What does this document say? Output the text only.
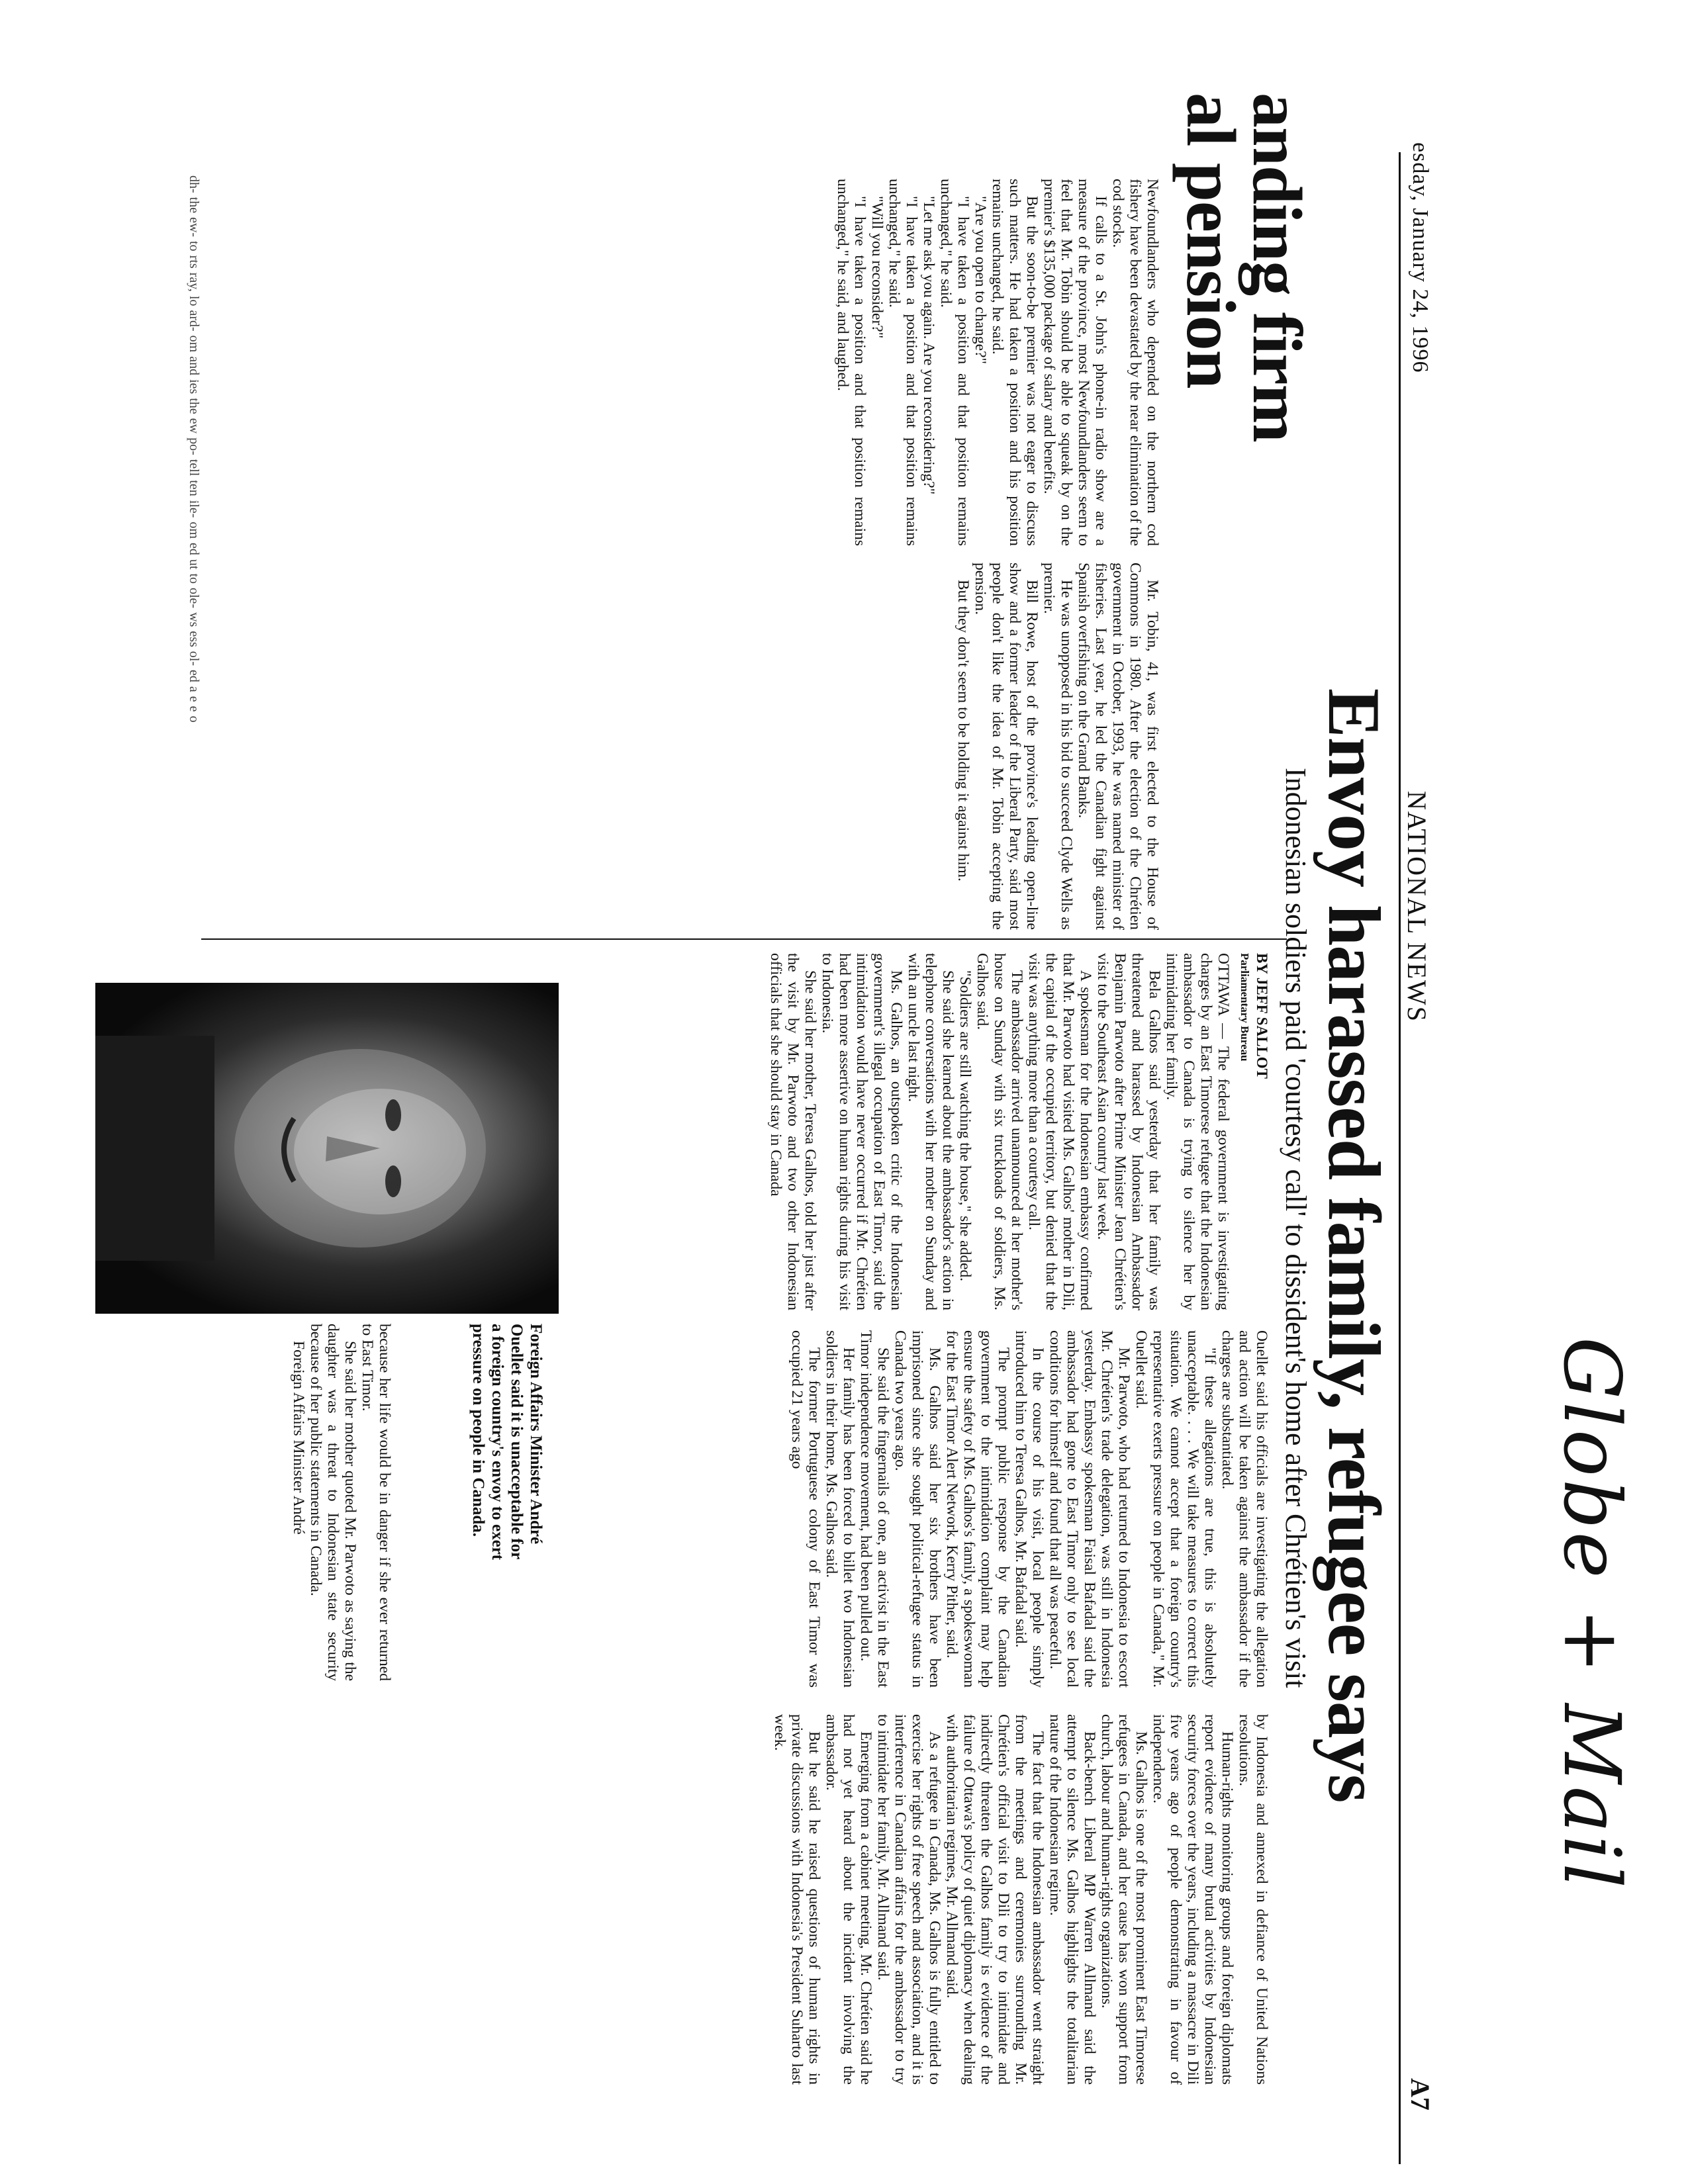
Globe + Mail
esday, January 24, 1996
NATIONAL NEWS
A7
anding firm
al pension

Newfoundlanders who depended on the northern cod fishery have been devastated by the near elimination of the cod stocks.

If calls to a St. John's phone-in radio show are a measure of the province, most Newfoundlanders seem to feel that Mr. Tobin should be able to squeak by on the premier's $135,000 package of salary and benefits.

But the soon-to-be premier was not eager to discuss such matters. He had taken a position and his position remains unchanged, he said.

"Are you open to change?"

"I have taken a position and that position remains unchanged," he said.

"Let me ask you again. Are you reconsidering?"

"I have taken a position and that position remains unchanged," he said.

"Will you reconsider?"

"I have taken a position and that position remains unchanged," he said, and laughed.

Mr. Tobin, 41, was first elected to the House of Commons in 1980. After the election of the Chrétien government in October, 1993, he was named minister of fisheries. Last year, he led the Canadian fight against Spanish overfishing on the Grand Banks.

He was unopposed in his bid to succeed Clyde Wells as premier.

Bill Rowe, host of the province's leading open-line show and a former leader of the Liberal Party, said most people don't like the idea of Mr. Tobin accepting the pension.

But they don't seem to be holding it against him.

dh-
the
ew-
to
rts
ray,
lo
ard-
om
and
ies
the
ew
po-
tell
ten
ile-
om
ed
ut
to
ole-
ws
ess
ol-
ed
a
e
e
o	Envoy harassed family, refugee says
Indonesian soldiers paid 'courtesy call' to dissident's home after Chrétien's visit
BY JEFF SALLOT
Parliamentary Bureau

OTTAWA — The federal government is investigating charges by an East Timorese refugee that the Indonesian ambassador to Canada is trying to silence her by intimidating her family.

Bela Galhos said yesterday that her family was threatened and harassed by Indonesian Ambassador Benjamin Parwoto after Prime Minister Jean Chrétien's visit to the Southeast Asian country last week.

A spokesman for the Indonesian embassy confirmed that Mr. Parwoto had visited Ms. Galhos' mother in Dili, the capital of the occupied territory, but denied that the visit was anything more than a courtesy call.

The ambassador arrived unannounced at her mother's house on Sunday with six truckloads of soldiers, Ms. Galhos said.

"Soldiers are still watching the house," she added.

She said she learned about the ambassador's action in telephone conversations with her mother on Sunday and with an uncle last night.

Ms. Galhos, an outspoken critic of the Indonesian government's illegal occupation of East Timor, said the intimidation would have never occurred if Mr. Chrétien had been more assertive on human rights during his visit to Indonesia.

She said her mother, Teresa Galhos, told her just after the visit by Mr. Parwoto and two other Indonesian officials that she should stay in Canada

Foreign Affairs Minister André Ouellet said it is unacceptable for a foreign country's envoy to exert pressure on people in Canada.

because her life would be in danger if she ever returned to East Timor.

She said her mother quoted Mr. Parwoto as saying the daughter was a threat to Indonesian state security because of her public statements in Canada.

Foreign Affairs Minister André	Ouellet said his officials are investigating the allegation and action will be taken against the ambassador if the charges are substantiated.

"If these allegations are true, this is absolutely unacceptable. . . . We will take measures to correct this situation. We cannot accept that a foreign country's representative exerts pressure on people in Canada," Mr. Ouellet said.

Mr. Parwoto, who had returned to Indonesia to escort Mr. Chrétien's trade delegation, was still in Indonesia yesterday. Embassy spokesman Faisal Bafadal said the ambassador had gone to East Timor only to see local conditions for himself and found that all was peaceful.

In the course of his visit, local people simply introduced him to Teresa Galhos, Mr. Bafadal said.

The prompt public response by the Canadian government to the intimidation complaint may help ensure the safety of Ms. Galhos's family, a spokeswoman for the East Timor Alert Network, Kerry Pither, said.

Ms. Galhos said her six brothers have been imprisoned since she sought political-refugee status in Canada two years ago.

She said the fingernails of one, an activist in the East Timor independence movement, had been pulled out.

Her family has been forced to billet two Indonesian soldiers in their home, Ms. Galhos said.

The former Portuguese colony of East Timor was occupied 21 years ago

by Indonesia and annexed in defiance of United Nations resolutions.

Human-rights monitoring groups and foreign diplomats report evidence of many brutal activities by Indonesian security forces over the years, including a massacre in Dili five years ago of people demonstrating in favour of independence.

Ms. Galhos is one of the most prominent East Timorese refugees in Canada, and her cause has won support from church, labour and human-rights organizations.

Back-bench Liberal MP Warren Allmand said the attempt to silence Ms. Galhos highlights the totalitarian nature of the Indonesian regime.

The fact that the Indonesian ambassador went straight from the meetings and ceremonies surrounding Mr. Chrétien's official visit to Dili to try to intimidate and indirectly threaten the Galhos family is evidence of the failure of Ottawa's policy of quiet diplomacy when dealing with authoritarian regimes, Mr. Allmand said.

As a refugee in Canada, Ms. Galhos is fully entitled to exercise her rights of free speech and association, and it is interference in Canadian affairs for the ambassador to try to intimidate her family, Mr. Allmand said.

Emerging from a cabinet meeting, Mr. Chrétien said he had not yet heard about the incident involving the ambassador.

But he said he raised questions of human rights in private discussions with Indonesia's President Suharto last week.
